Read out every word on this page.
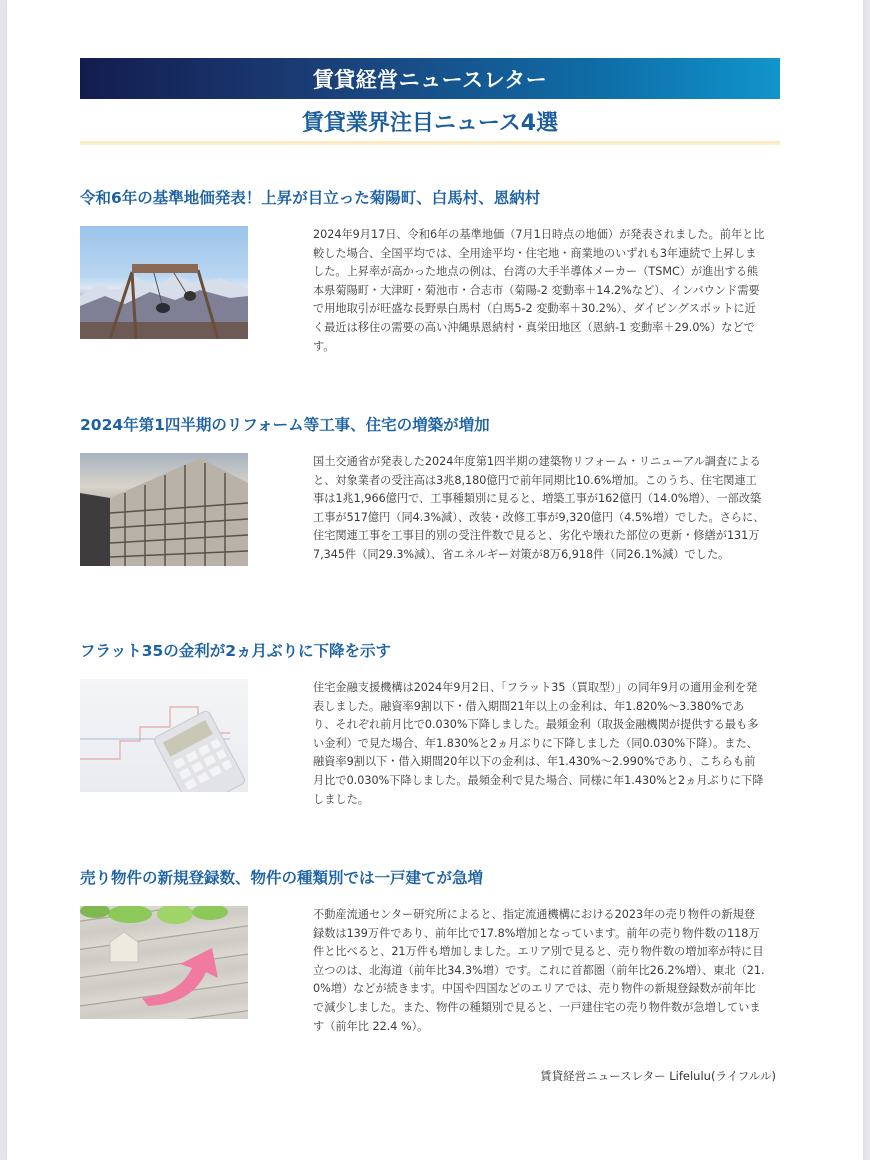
賃貸経営ニュースレター
賃貸業界注目ニュース4選
令和6年の基準地価発表！上昇が目立った菊陽町、白馬村、恩納村

2024年9月17日、令和6年の基準地価（7月1日時点の地価）が発表されました。前年と比較した場合、全国平均では、全用途平均・住宅地・商業地のいずれも3年連続で上昇しました。上昇率が高かった地点の例は、台湾の大手半導体メーカー（TSMC）が進出する熊本県菊陽町・大津町・菊池市・合志市（菊陽-2 変動率＋14.2%など）、インバウンド需要で用地取引が旺盛な長野県白馬村（白馬5-2 変動率＋30.2%）、ダイビングスポットに近く最近は移住の需要の高い沖縄県恩納村・真栄田地区（恩納-1 変動率＋29.0%）などです。

2024年第1四半期のリフォーム等工事、住宅の増築が増加

国土交通省が発表した2024年度第1四半期の建築物リフォーム・リニューアル調査によると、対象業者の受注高は3兆8,180億円で前年同期比10.6%増加。このうち、住宅関連工事は1兆1,966億円で、工事種類別に見ると、増築工事が162億円（14.0%増）、一部改築工事が517億円（同4.3%減）、改装・改修工事が9,320億円（4.5%増）でした。さらに、住宅関連工事を工事目的別の受注件数で見ると、劣化や壊れた部位の更新・修繕が131万7,345件（同29.3%減）、省エネルギー対策が8万6,918件（同26.1%減）でした。

フラット35の金利が2ヵ月ぶりに下降を示す

住宅金融支援機構は2024年9月2日、「フラット35（買取型）」の同年9月の適用金利を発表しました。融資率9割以下・借入期間21年以上の金利は、年1.820%～3.380%であり、それぞれ前月比で0.030%下降しました。最頻金利（取扱金融機関が提供する最も多い金利）で見た場合、年1.830%と2ヵ月ぶりに下降しました（同0.030%下降）。また、融資率9割以下・借入期間20年以下の金利は、年1.430%～2.990%であり、こちらも前月比で0.030%下降しました。最頻金利で見た場合、同様に年1.430%と2ヵ月ぶりに下降しました。

売り物件の新規登録数、物件の種類別では一戸建てが急増

不動産流通センター研究所によると、指定流通機構における2023年の売り物件の新規登録数は139万件であり、前年比で17.8%増加となっています。前年の売り物件数の118万件と比べると、21万件も増加しました。エリア別で見ると、売り物件数の増加率が特に目立つのは、北海道（前年比34.3%増）です。これに首都圏（前年比26.2%増）、東北（21.0%増）などが続きます。中国や四国などのエリアでは、売り物件の新規登録数が前年比で減少しました。また、物件の種類別で見ると、一戸建住宅の売り物件数が急増しています（前年比 22.4 %）。

賃貸経営ニュースレター Lifelulu(ライフルル)
